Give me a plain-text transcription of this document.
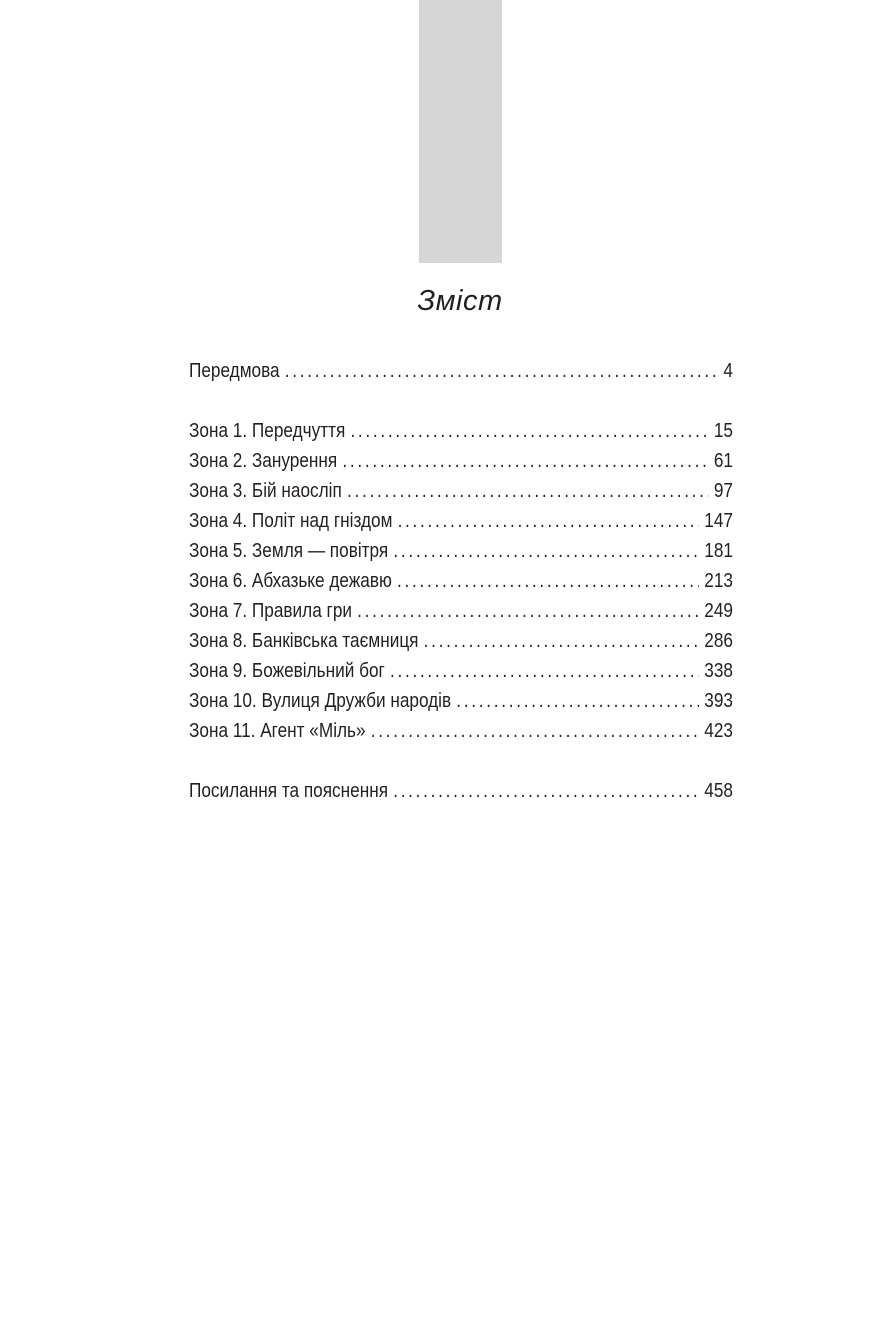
Зміст
Передмова . . .	4
Зона 1. Передчуття . . .	15
Зона 2. Занурення . . .	61
Зона 3. Бій наосліп . . .	97
Зона 4. Політ над гніздом . . .	147
Зона 5. Земля — повітря . . .	181
Зона 6. Абхазьке дежавю . . .	213
Зона 7. Правила гри . . .	249
Зона 8. Банківська таємниця . . .	286
Зона 9. Божевільний бог . . .	338
Зона 10. Вулиця Дружби народів . . .	393
Зона 11. Агент «Міль» . . .	423
Посилання та пояснення . . .	458
